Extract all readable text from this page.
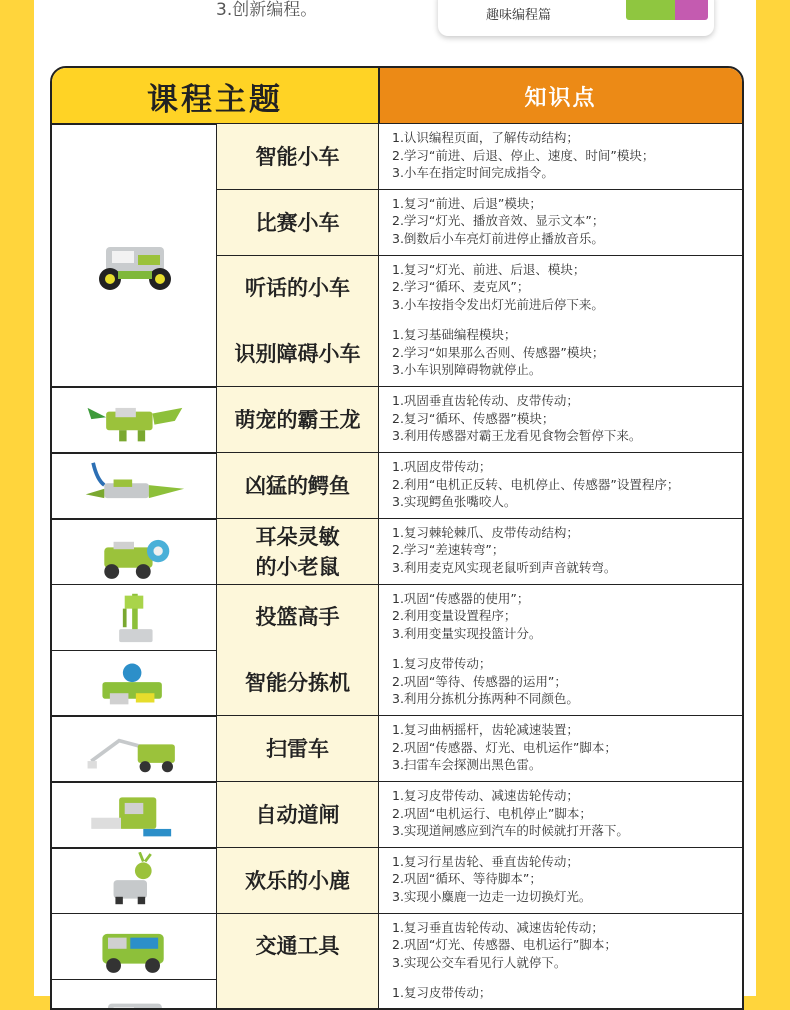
3.创新编程。	趣味编程篇
课程主题	知识点
智能小车
1.认识编程页面，了解传动结构；
2.学习“前进、后退、停止、速度、时间”模块；
3.小车在指定时间完成指令。
比赛小车
1.复习“前进、后退”模块；
2.学习“灯光、播放音效、显示文本”；
3.倒数后小车亮灯前进停止播放音乐。
听话的小车
1.复习“灯光、前进、后退、模块；
2.学习“循环、麦克风”；
3.小车按指令发出灯光前进后停下来。
识别障碍小车
1.复习基础编程模块；
2.学习“如果那么否则、传感器”模块；
3.小车识别障碍物就停止。
萌宠的霸王龙
1.巩固垂直齿轮传动、皮带传动；
2.复习“循环、传感器”模块；
3.利用传感器对霸王龙看见食物会暂停下来。
凶猛的鳄鱼
1.巩固皮带传动；
2.利用“电机正反转、电机停止、传感器”设置程序；
3.实现鳄鱼张嘴咬人。
耳朵灵敏
的小老鼠
1.复习棘轮棘爪、皮带传动结构；
2.学习“差速转弯”；
3.利用麦克风实现老鼠听到声音就转弯。
投篮高手
1.巩固“传感器的使用”；
2.利用变量设置程序；
3.利用变量实现投篮计分。
智能分拣机
1.复习皮带传动；
2.巩固“等待、传感器的运用”；
3.利用分拣机分拣两种不同颜色。
扫雷车
1.复习曲柄摇杆，齿轮减速装置；
2.巩固“传感器、灯光、电机运作”脚本；
3.扫雷车会探测出黑色雷。
自动道闸
1.复习皮带传动、减速齿轮传动；
2.巩固“电机运行、电机停止”脚本；
3.实现道闸感应到汽车的时候就打开落下。
欢乐的小鹿
1.复习行星齿轮、垂直齿轮传动；
2.巩固“循环、等待脚本”；
3.实现小麋鹿一边走一边切换灯光。
交通工具
1.复习垂直齿轮传动、减速齿轮传动；
2.巩固“灯光、传感器、电机运行”脚本；
3.实现公交车看见行人就停下。
1.复习皮带传动；
